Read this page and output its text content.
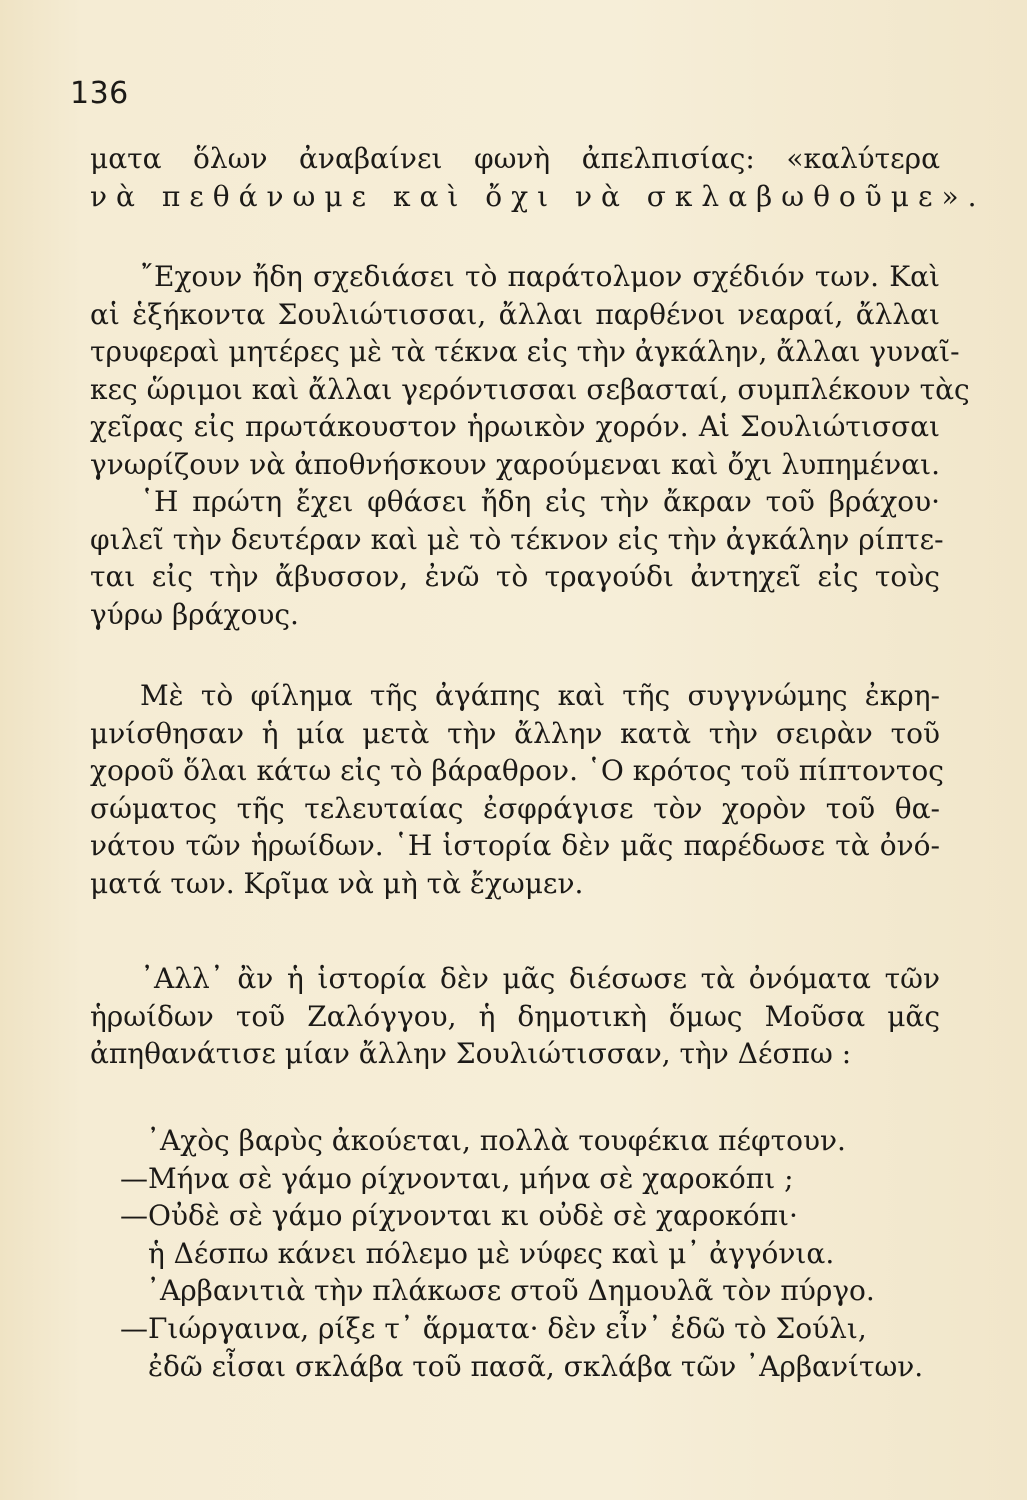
136
ματα ὅλων ἀναβαίνει φωνὴ ἀπελπισίας: «καλύτερα
νὰ πεθάνωμε καὶ ὄχι νὰ σκλαβωθοῦμε».
῎Εχουν ἤδη σχεδιάσει τὸ παράτολμον σχέδιόν των. Καὶ
αἱ ἑξήκοντα Σουλιώτισσαι, ἄλλαι παρθένοι νεαραί, ἄλλαι
τρυφεραὶ μητέρες μὲ τὰ τέκνα εἰς τὴν ἀγκάλην, ἄλλαι γυναῖ-
κες ὥριμοι καὶ ἄλλαι γερόντισσαι σεβασταί, συμπλέκουν τὰς
χεῖρας εἰς πρωτάκουστον ἡρωικὸν χορόν. Αἱ Σουλιώτισσαι
γνωρίζουν νὰ ἀποθνήσκουν χαρούμεναι καὶ ὄχι λυπημέναι.
῾Η πρώτη ἔχει φθάσει ἤδη εἰς τὴν ἄκραν τοῦ βράχου·
φιλεῖ τὴν δευτέραν καὶ μὲ τὸ τέκνον εἰς τὴν ἀγκάλην ρίπτε-
ται εἰς τὴν ἄβυσσον, ἐνῶ τὸ τραγούδι ἀντηχεῖ εἰς τοὺς
γύρω βράχους.
Μὲ τὸ φίλημα τῆς ἀγάπης καὶ τῆς συγγνώμης ἐκρη-
μνίσθησαν ἡ μία μετὰ τὴν ἄλλην κατὰ τὴν σειρὰν τοῦ
χοροῦ ὅλαι κάτω εἰς τὸ βάραθρον. ῾Ο κρότος τοῦ πίπτοντος
σώματος τῆς τελευταίας ἐσφράγισε τὸν χορὸν τοῦ θα-
νάτου τῶν ἡρωίδων. ῾Η ἱστορία δὲν μᾶς παρέδωσε τὰ ὀνό-
ματά των. Κρῖμα νὰ μὴ τὰ ἔχωμεν.
᾿Αλλ᾿ ἂν ἡ ἱστορία δὲν μᾶς διέσωσε τὰ ὀνόματα τῶν
ἡρωίδων τοῦ Ζαλόγγου, ἡ δημοτικὴ ὅμως Μοῦσα μᾶς
ἀπηθανάτισε μίαν ἄλλην Σουλιώτισσαν, τὴν Δέσπω :
᾿Αχὸς βαρὺς ἀκούεται, πολλὰ τουφέκια πέφτουν.
—Μήνα σὲ γάμο ρίχνονται, μήνα σὲ χαροκόπι ;
—Οὐδὲ σὲ γάμο ρίχνονται κι οὐδὲ σὲ χαροκόπι·
ἡ Δέσπω κάνει πόλεμο μὲ νύφες καὶ μ᾿ ἀγγόνια.
᾿Αρβανιτιὰ τὴν πλάκωσε στοῦ Δημουλᾶ τὸν πύργο.
—Γιώργαινα, ρίξε τ᾿ ἅρματα· δὲν εἶν᾿ ἐδῶ τὸ Σούλι,
ἐδῶ εἶσαι σκλάβα τοῦ πασᾶ, σκλάβα τῶν ᾿Αρβανίτων.
